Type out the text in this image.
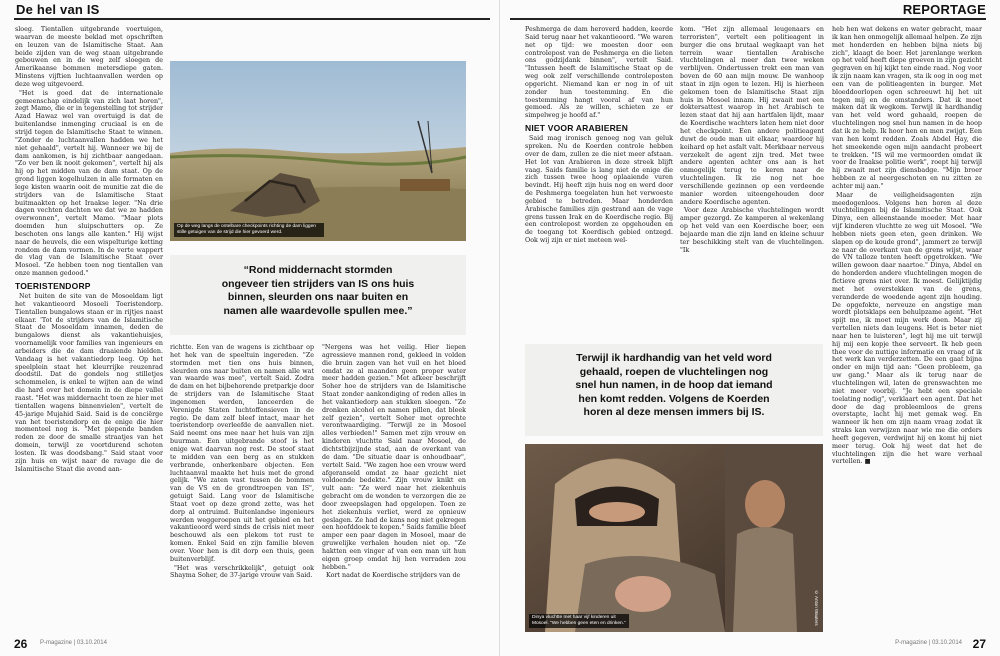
De hel van IS

sloeg. Tientallen uitgebrande voertuigen, waarvan de meeste beklad met opschriften en leuzen van de Islamitische Staat. Aan beide zijden van de weg staan uitgebrande gebouwen en in de weg zelf sloegen de Amerikaanse bommen metersdiepe gaten. Minstens vijftien luchtaanvallen werden op deze weg uitgevoerd.

"Het is goed dat de internationale gemeenschap eindelijk van zich laat horen", zegt Mamo, die er in tegenstelling tot strijder Azad Hawaz wel van overtuigd is dat de buitenlandse inmenging cruciaal is en de strijd tegen de Islamitische Staat te winnen. "Zonder de luchtaanvallen hadden we het niet gehaald", vertelt hij. Wanneer we bij de dam aankomen, is hij zichtbaar aangedaan. "Zo ver ben ik nooit gekomen", vertelt hij als hij op het midden van de dam staat. Op de grond liggen kogelhulzen in alle formaten en lege kisten waarin ooit de munitie zat die de strijders van de Islamitische Staat buitmaakten op het Iraakse leger. "Na drie dagen vechten dachten we dat we ze hadden overwonnen", vertelt Mamo. "Maar plots doemden hun sluipschutters op. Ze beschoten ons langs alle kanten." Hij wijst naar de heuvels, die een wispelturige ketting rondom de dam vormen. In de verte wappert de vlag van de Islamitische Staat over Mosoel. "Ze hebben toen nog tientallen van onze mannen gedood."

TOERISTENDORP

Net buiten de site van de Mosoeldam ligt het vakantieoord Mosoeli Toeristendorp. Tientallen bungalows staan er in rijtjes naast elkaar. 'Tot de strijders van de Islamitische Staat de Mosoeldam innamen, deden de bungalows dienst als vakantiehuisjes, voornamelijk voor families van ingenieurs en arbeiders die de dam draaiende hielden. Vandaag is het vakantiedorp leeg. Op het speelplein staat het kleurrijke reuzenrad doodstil. Dat de gondels nog stilletjes schommelen, is enkel te wijten aan de wind die hard over het domein in de diepe vallei raast. "Het was middernacht toen ze hier met tientallen wagens binnenvielen", vertelt de 45-jarige Mujahid Said. Said is de conciërge van het toeristendorp en de enige die hier momenteel nog is. "Met piepende banden reden ze door de smalle straatjes van het domein, terwijl ze voortdurend schoten losten. Ik was doodsbang." Said staat voor zijn huis en wijst naar de ravage die de Islamitische Staat die avond aan-

Op de weg langs de ontelbare checkpoints richting de dam liggen stille getuigen van de strijd die hier gevoerd werd.
“Rond middernacht stormden
ongeveer tien strijders van IS ons huis
binnen, sleurden ons naar buiten en
namen alle waardevolle spullen mee.”

richtte. Een van de wagens is zichtbaar op het hek van de speeltuin ingereden. "Ze stormden met tien ons huis binnen, sleurden ons naar buiten en namen alle wat van waarde was mee", vertelt Said. Zodra de dam en het bijbehorende pretparkje door de strijders van de Islamitische Staat ingenomen werden, lanceerden de Verenigde Staten luchtoffensieven in de regio. De dam zelf bleef intact, maar het toeristendorp overleefde de aanvallen niet. Said neemt ons mee naar het huis van zijn buurman. Een uitgebrande stoof is het enige wat daarvan nog rest. De stoof staat te midden van een berg as en stukken verbrande, onherkenbare objecten. Een luchtaanval maakte het huis met de grond gelijk. "We zaten vast tussen de bommen van de VS en de grondtroepen van IS", getuigt Said. Lang voor de Islamitische Staat voet op deze grond zette, was het dorp al ontruimd. Buitenlandse ingenieurs werden weggeroepen uit het gebied en het vakantieoord werd sinds de crisis niet meer beschouwd als een plekom tot rust te komen. Enkel Said en zijn familie bleven over. Voor hen is dit dorp een thuis, geen buitenverblijf.

"Het was verschrikkelijk", getuigt ook Shayma Soher, de 37-jarige vrouw van Said.

"Nergens was het veilig. Hier liepen agressieve mannen rond, gekleed in volden die bruin zagen van het vuil en het bloed omdat ze al maanden geen proper water meer hadden gezien." Met afkeer beschrijft Soher hoe de strijders van de Islamitische Staat zonder aankondiging of reden alles in het vakantiedorp aan stukken sloegen. "Ze dronken alcohol en namen pillen, dat bleek zelf gezien", vertelt Soher met oprechte verontwaardiging. "Terwijl ze in Mosoel alles verbieden!" Samen met zijn vrouw en kinderen vluchtte Said naar Mosoel, de dichtstbijzijnde stad, aan de overkant van de dam. "De situatie daar is onhoudbaar", vertelt Said. "We zagen hoe een vrouw werd afgeranseld omdat ze haar gezicht niet voldoende bedekte." Zijn vrouw knikt en vult aan: "Ze werd naar het ziekenhuis gebracht om de wonden te verzorgen die ze door zweepslagen had opgelopen. Toen ze het ziekenhuis verliet, werd ze opnieuw geslagen. Ze had de kans nog niet gekregen een hoofddoek te kopen." Saids familie bleef amper een paar dagen in Mosoel, maar de gruwelijke verhalen houden niet op. "Ze haktten een vinger af van een man uit hun eigen groep omdat hij hen verraden zou hebben."

Kort nadat de Koerdische strijders van de

26 P-magazine | 03.10.2014
REPORTAGE

Peshmerga de dam heroverd hadden, keerde Said terug naar het vakantieoord. "We waren net op tijd: we moesten door een controlepost van de Peshmerga en die lieten ons godzijdank binnen", vertelt Said. "Intussen heeft de Islamitische Staat op de weg ook zelf verschillende controleposten opgericht. Niemand kan er nog in of uit zonder hun toestemming. En die toestemming hangt vooral af van hun gemoed. Als ze willen, schieten ze er simpelweg je hoofd af."

NIET VOOR ARABIEREN

Said mag ironisch genoeg nog van geluk spreken. Nu de Koerden controle hebben over de dam, zullen ze die niet meer afstaan. Het lot van Arabieren in deze streek blijft vaag. Saids familie is lang niet de enige die zich tussen twee hoog oplaaiende vuren bevindt. Hij heeft zijn huis nog en werd door de Peshmerga toegelaten hun het verwoeste gebied te betreden. Maar honderden Arabische families zijn gestrand aan de vage grens tussen Irak en de Koerdische regio. Bij een controlepost worden ze opgehouden en de toegang tot Koerdisch gebied ontzegd. Ook wij zijn er niet meteen wel-

kom. "Het zijn allemaal leugenaars en terroristen", vertelt een politieagent in burger die ons brutaal wegkaapt van het terrein waar tientallen Arabische vluchtelingen al meer dan twee weken verblijven. Ondertussen trekt een man van boven de 60 aan mijn mouw. De wanhoop staat in zijn ogen te lezen. Hij is hierheen gekomen toen de Islamitische Staat zijn huis in Mosoel innam. Hij zwaait met een doktersattest waarop in het Arabisch te lezen staat dat hij aan hartfalen lijdt, maar de Koerdische wachters laten hem niet door het checkpoint. Een andere politieagent duwt de oude man uit elkaar, waardoor hij keihard op het asfalt valt. Merkbaar nerveus verzekelt de agent zijn tred. Met twee andere agenten achter ons aan is het onmogelijk terug te keren naar de vluchtelingen. Ik zie nog net hoe verschillende gezinnen op een verdeende manier worden uiteengehouden door andere Koerdische agenten.

Voor deze Arabische vluchtelingen wordt amper gezorgd. Ze kamperen al wekenlang op het veld van een Koerdische boer, een bejaarde man die zijn land en kleine schuur ter beschikking stelt van de vluchtelingen. "Ik

heb hen wat dekens en water gebracht, maar ik kan hen onmogelijk allemaal helpen. Ze zijn met honderden en hebben bijna niets bij zich", klaagt de boer. Het jarenlange werken op het veld heeft diepe groeven in zijn gezicht gegraven en hij kijkt ten einde raad. Nog voor ik zijn naam kan vragen, sta ik oog in oog met een van de politieagenten in burger. Met bloeddoorlopen ogen schreeuwt hij het uit tegen mij en de omstanders. Dat ik moet maken dat ik wegkom. Terwijl ik hardhandig van het veld word gehaald, roepen de vluchtelingen nog snel hun namen in de hoop dat ik ze help. Ik hoor hen en men zwijgt. Een van hen komt redden. Zoals Abdel Hay, die het smeekende ogen mijn aandacht probeert te trekken. "IS wil me vermoorden omdat ik voor de Iraakse politie werk", roept hij terwijl hij zwaait met zijn diensbadge. "Mijn broer hebben ze al neergeschoten en nu zitten ze achter mij aan."

Maar de veiligheidsagenten zijn meedogenloos. Volgens hen horen al deze vluchtelingen bij de Islamitische Staat. Ook Dinya, een alleenstaande moeder. Met haar vijf kinderen vluchtte ze weg uit Mosoel. "We hebben niets geen eten, geen drinken. We slapen op de koude grond", jammert ze terwijl ze naar de overkant van de grens wijst, waar de VN talloze tenten heeft opgetrokken. "We willen gewoon daar naartoe." Dinya, Abdel en de honderden andere vluchtelingen mogen de fictieve grens niet over. Ik moest. Gelijktijdig met het overstekken van de grens, veranderde de woedende agent zijn houding. De opgefokte, nerveuze en angstige man wordt plotsklaps een behulpzame agent. "Het spijt me, ik moet mijn werk doen. Maar zij vertellen niets dan leugens. Het is beter niet naar hen te luisteren", legt hij me uit terwijl hij mij een kopje thee serveert. Ik heb geen thee voor de nuttige informatie en vraag of ik het werk kan verderzetten. De een gaat bijna onder en mijn tijd aan: "Geen probleem, ga uw gang." Maar als ik terug naar de vluchtelingen wil, laten de grenswachten me niet meer voorbij. "Je hebt een speciale toelating nodig", verklaart een agent. Dat het door de dag probleemloos de grens overstapte, lacht hij met gemak weg. En wanneer ik hen om zijn naam vraag zodat ik straks kan verwijzen naar wie me die orders heeft gegeven, verdwijnt hij en komt hij niet meer terug. Ook hij weet dat het de vluchtelingen zijn die het ware verhaal vertellen. ■

Terwijl ik hardhandig van het veld word
gehaald, roepen de vluchtelingen nog
snel hun namen, in de hoop dat iemand
hen komt redden. Volgens de Koerden
horen al deze mensen immers bij IS.
Dinya vluchtte met haar vijf kinderen uit
Mosoel. "We hebben geen eten en drinken."	© Anton Wauters
P-magazine | 03.10.2014 27
